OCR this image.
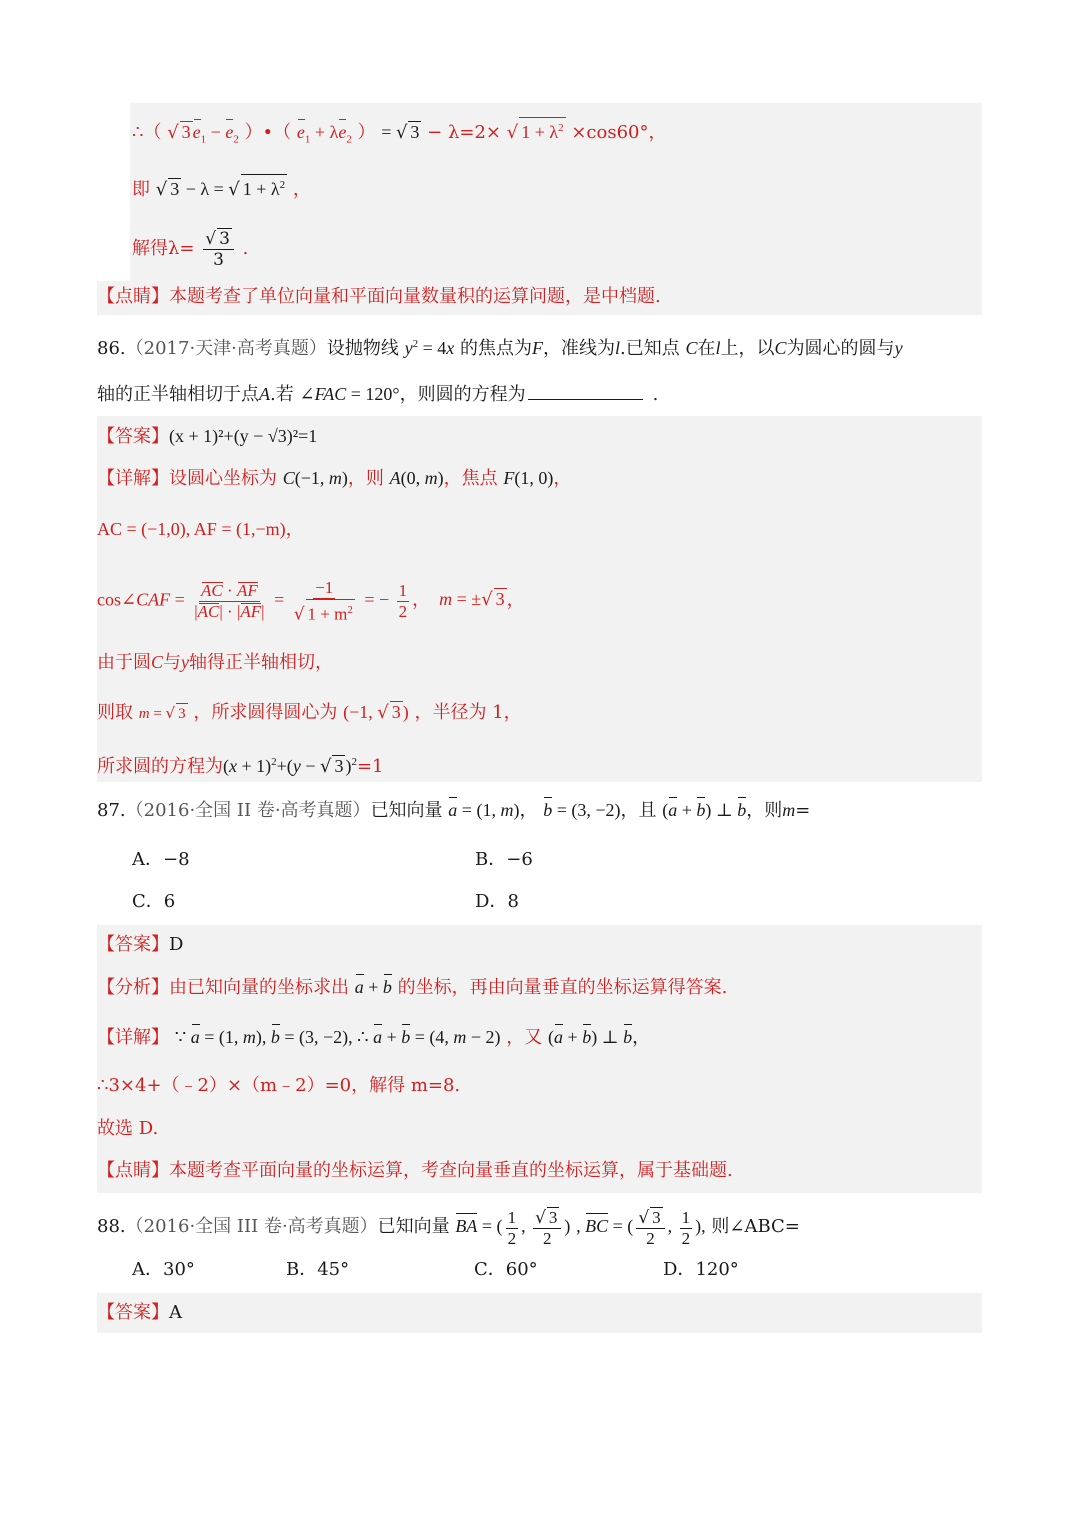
∴（ √ 3 $e_1 - e_2$ ）•（ $e_1 + \lambda e_2$ ） = √ 3 − λ=2× √ $1 + \lambda^2 \times\cos 60^\circ$，
即 √ 3 − λ = √ $1 + \lambda^2$ ，
解得$\lambda= \frac{√ 3}{3}$ .
【点睛】本题考查了单位向量和平面向量数量积的运算问题，是中档题.
86.（2017·天津·高考真题）设抛物线 $y^2 = 4x$ 的焦点为F，准线为l.已知点 C在l上，以C为圆心的圆与y
轴的正半轴相切于点A.若 ∠FAC = 120°，则圆的方程为	.
【答案】(x + 1)²+(y − √3)²=1
【详解】设圆心坐标为 C(−1, m)，则 A(0, m)，焦点 F(1, 0)，
AC = (−1,0), AF = (1,−m)，
cos∠CAF = $\frac{AC \cdot AF}{|AC| \cdot |AF|} = \frac{-1}{√ 1 + m^2}$ = − $\frac{1}{2}$ ，  m = ±√ 3 ，
由于圆C与y轴得正半轴相切，
则取 m = √ 3 ，所求圆得圆心为 (−1, √ 3 ) ，半径为 1，
所求圆的方程为$(x + 1)^2+(y$ − √ 3 )$^2$=1
87.（2016·全国 II 卷·高考真题）已知向量 a = (1, m)， b = (3, −2)，且 (a + b) ⊥ b，则m=
A．−8	B．−6
C．6	D．8
【答案】D
【分析】由已知向量的坐标求出 a + b 的坐标，再由向量垂直的坐标运算得答案.
【详解】 ∵ a = (1, m), b = (3, −2), ∴ a + b = (4, m − 2) ，又 (a + b) ⊥ b，
∴3×4+（﹣2）×（m﹣2）=0，解得 m=8.
故选 D.
【点睛】本题考查平面向量的坐标运算，考查向量垂直的坐标运算，属于基础题.
88.（2016·全国 III 卷·高考真题）已知向量 BA = ( $\frac{1}{2}$ , $\frac{√ 3}{2}$ ) , BC = ( $\frac{√ 3}{2}$ , $\frac{1}{2}$ ), 则∠ABC=
A．30°	B．45°	C．60°	D．120°
【答案】A
